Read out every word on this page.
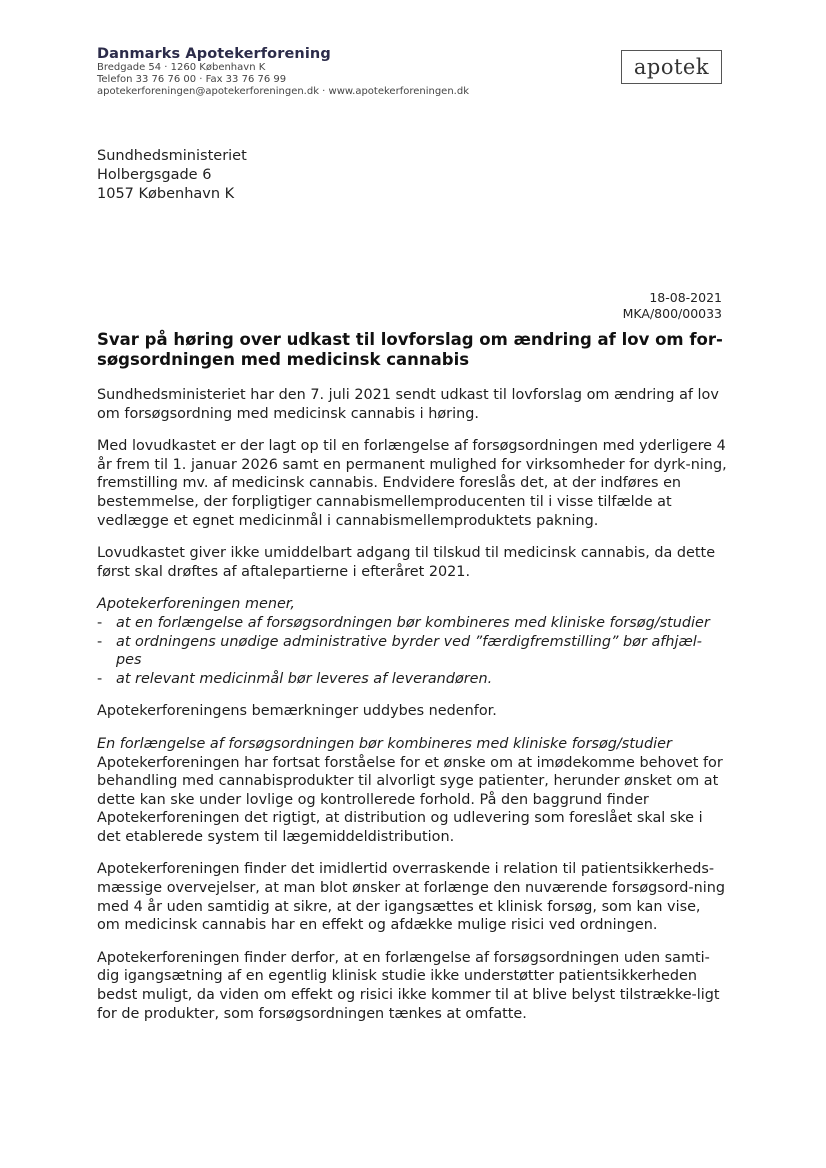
Danmarks Apotekerforening
Bredgade 54 · 1260 København K
Telefon 33 76 76 00 · Fax 33 76 76 99
apotekerforeningen@apotekerforeningen.dk · www.apotekerforeningen.dk
apotek
Sundhedsministeriet
Holbergsgade 6
1057 København K
18-08-2021
MKA/800/00033
Svar på høring over udkast til lovforslag om ændring af lov om for-søgsordningen med medicinsk cannabis

Sundhedsministeriet har den 7. juli 2021 sendt udkast til lovforslag om ændring af lov om forsøgsordning med medicinsk cannabis i høring.

Med lovudkastet er der lagt op til en forlængelse af forsøgsordningen med yderligere 4 år frem til 1. januar 2026 samt en permanent mulighed for virksomheder for dyrk-ning, fremstilling mv. af medicinsk cannabis. Endvidere foreslås det, at der indføres en bestemmelse, der forpligtiger cannabismellemproducenten til i visse tilfælde at vedlægge et egnet medicinmål i cannabismellemproduktets pakning.

Lovudkastet giver ikke umiddelbart adgang til tilskud til medicinsk cannabis, da dette først skal drøftes af aftalepartierne i efteråret 2021.

Apotekerforeningen mener,
- at en forlængelse af forsøgsordningen bør kombineres med kliniske forsøg/studier
- at ordningens unødige administrative byrder ved ”færdigfremstilling” bør afhjæl-pes
- at relevant medicinmål bør leveres af leverandøren.

Apotekerforeningens bemærkninger uddybes nedenfor.

En forlængelse af forsøgsordningen bør kombineres med kliniske forsøg/studier

Apotekerforeningen har fortsat forståelse for et ønske om at imødekomme behovet for behandling med cannabisprodukter til alvorligt syge patienter, herunder ønsket om at dette kan ske under lovlige og kontrollerede forhold. På den baggrund finder Apotekerforeningen det rigtigt, at distribution og udlevering som foreslået skal ske i det etablerede system til lægemiddeldistribution.

Apotekerforeningen finder det imidlertid overraskende i relation til patientsikkerheds-mæssige overvejelser, at man blot ønsker at forlænge den nuværende forsøgsord-ning med 4 år uden samtidig at sikre, at der igangsættes et klinisk forsøg, som kan vise, om medicinsk cannabis har en effekt og afdække mulige risici ved ordningen.

Apotekerforeningen finder derfor, at en forlængelse af forsøgsordningen uden samti-dig igangsætning af en egentlig klinisk studie ikke understøtter patientsikkerheden bedst muligt, da viden om effekt og risici ikke kommer til at blive belyst tilstrække-ligt for de produkter, som forsøgsordningen tænkes at omfatte.
